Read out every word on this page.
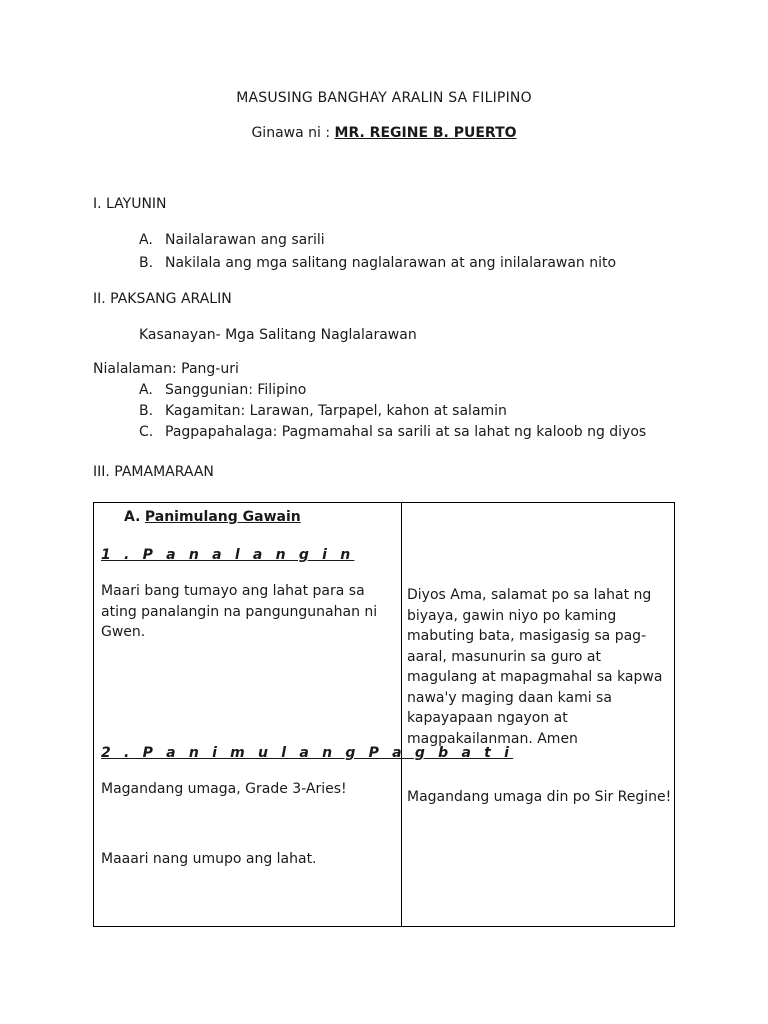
MASUSING BANGHAY ARALIN SA FILIPINO
Ginawa ni : MR. REGINE B. PUERTO
I. LAYUNIN
A. Nailalarawan ang sarili
B. Nakilala ang mga salitang naglalarawan at ang inilalarawan nito
II. PAKSANG ARALIN
Kasanayan- Mga Salitang Naglalarawan
Nialalaman: Pang-uri
A. Sanggunian: Filipino
B. Kagamitan: Larawan, Tarpapel, kahon at salamin
C. Pagpapahalaga: Pagmamahal sa sarili at sa lahat ng kaloob ng diyos
III. PAMAMARAAN
A. Panimulang Gawain
1 . P a n a l a n g i n
Maari bang tumayo ang lahat para sa ating panalangin na pangungunahan ni Gwen.
2 . P a n i m u l a n g P a g b a t i
Magandang umaga, Grade 3-Aries!
Maaari nang umupo ang lahat.
Diyos Ama, salamat po sa lahat ng biyaya, gawin niyo po kaming mabuting bata, masigasig sa pag-aaral, masunurin sa guro at magulang at mapagmahal sa kapwa nawa'y maging daan kami sa kapayapaan ngayon at magpakailanman. Amen
Magandang umaga din po Sir Regine!
